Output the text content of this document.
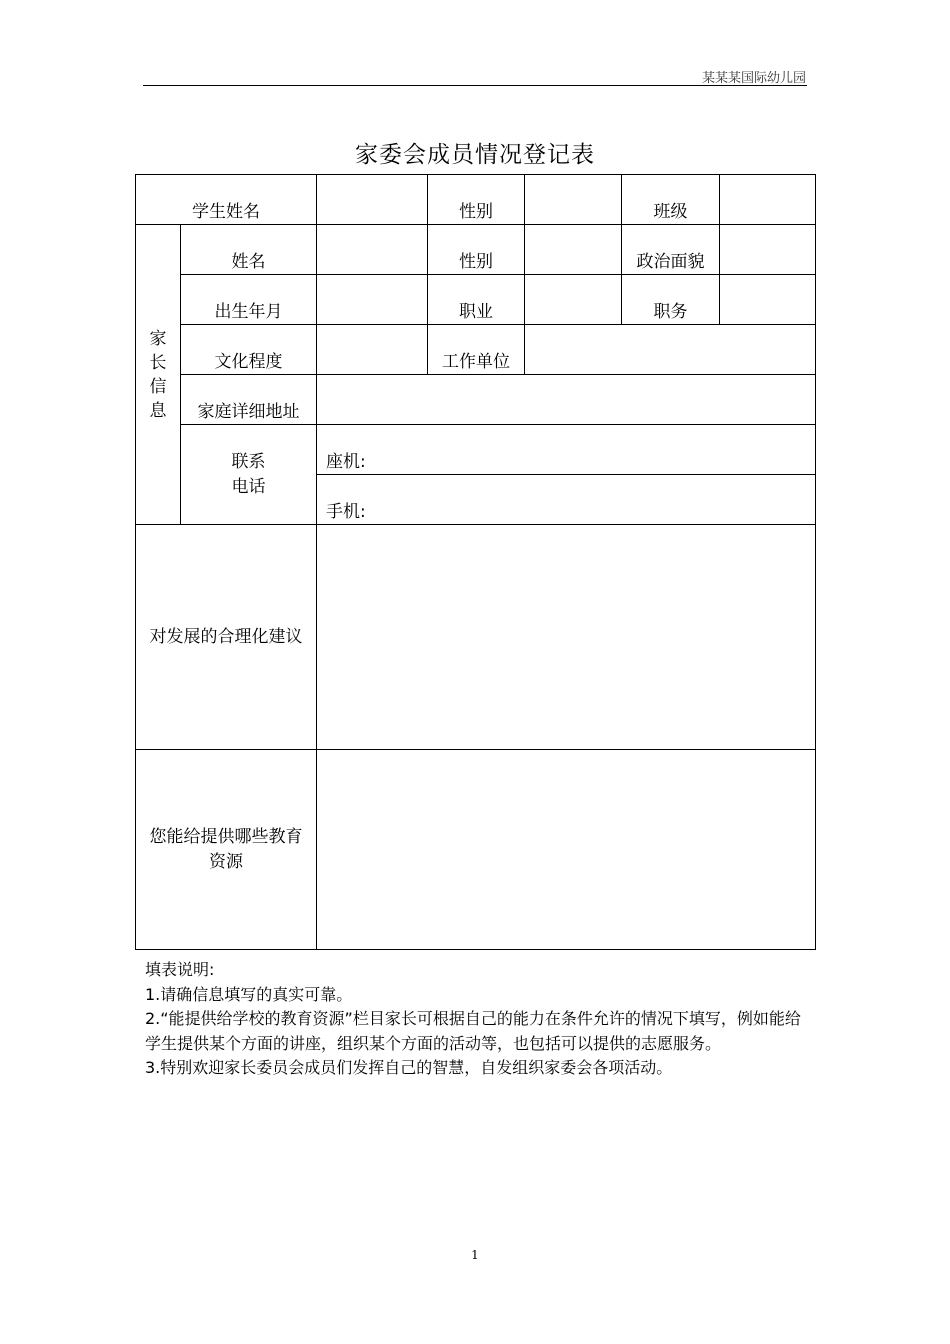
某某某国际幼儿园
家委会成员情况登记表
学生姓名			性别		班级	

家
长
信
息	姓名		性别		政治面貌	
	出生年月		职业		职务	
	文化程度		工作单位			
	家庭详细地址					

	联系
电话	座机:				
		手机:				
对发展的合理化建议						
您能给提供哪些教育资源						

填表说明:

1.请确信息填写的真实可靠。

2.“能提供给学校的教育资源”栏目家长可根据自己的能力在条件允许的情况下填写，例如能给学生提供某个方面的讲座，组织某个方面的活动等，也包括可以提供的志愿服务。

3.特别欢迎家长委员会成员们发挥自己的智慧，自发组织家委会各项活动。

1
